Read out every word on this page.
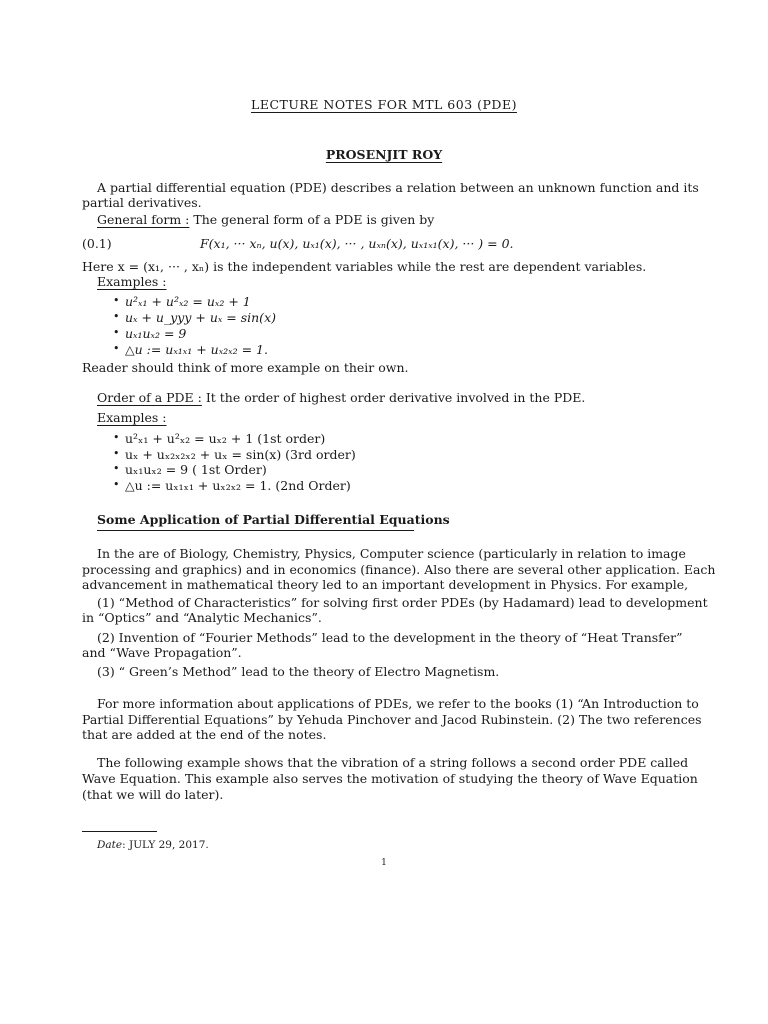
LECTURE NOTES FOR MTL 603 (PDE)
PROSENJIT ROY
A partial differential equation (PDE) describes a relation between an unknown function and its
partial derivatives.
General form : The general form of a PDE is given by
(0.1)	F(x₁, ··· xₙ, u(x), uₓ₁(x), ··· , uₓₙ(x), uₓ₁ₓ₁(x), ··· ) = 0.
Here x = (x₁, ··· , xₙ) is the independent variables while the rest are dependent variables.
Examples :
• u²ₓ₁ + u²ₓ₂ = uₓ₂ + 1
• uₓ + u_yyy + uₓ = sin(x)
• uₓ₁uₓ₂ = 9
• △u := uₓ₁ₓ₁ + uₓ₂ₓ₂ = 1.
Reader should think of more example on their own.
Order of a PDE : It the order of highest order derivative involved in the PDE.
Examples :
• u²ₓ₁ + u²ₓ₂ = uₓ₂ + 1 (1st order)
• uₓ + uₓ₂ₓ₂ₓ₂ + uₓ = sin(x) (3rd order)
• uₓ₁uₓ₂ = 9 ( 1st Order)
• △u := uₓ₁ₓ₁ + uₓ₂ₓ₂ = 1. (2nd Order)
Some Application of Partial Differential Equations
In the are of Biology, Chemistry, Physics, Computer science (particularly in relation to image
processing and graphics) and in economics (finance). Also there are several other application. Each
advancement in mathematical theory led to an important development in Physics. For example,
(1) “Method of Characteristics” for solving first order PDEs (by Hadamard) lead to development
in “Optics” and “Analytic Mechanics”.
(2) Invention of “Fourier Methods” lead to the development in the theory of “Heat Transfer”
and “Wave Propagation”.
(3) “ Green’s Method” lead to the theory of Electro Magnetism.
For more information about applications of PDEs, we refer to the books (1) “An Introduction to
Partial Differential Equations” by Yehuda Pinchover and Jacod Rubinstein. (2) The two references
that are added at the end of the notes.
The following example shows that the vibration of a string follows a second order PDE called
Wave Equation. This example also serves the motivation of studying the theory of Wave Equation
(that we will do later).
Date: JULY 29, 2017.
1
